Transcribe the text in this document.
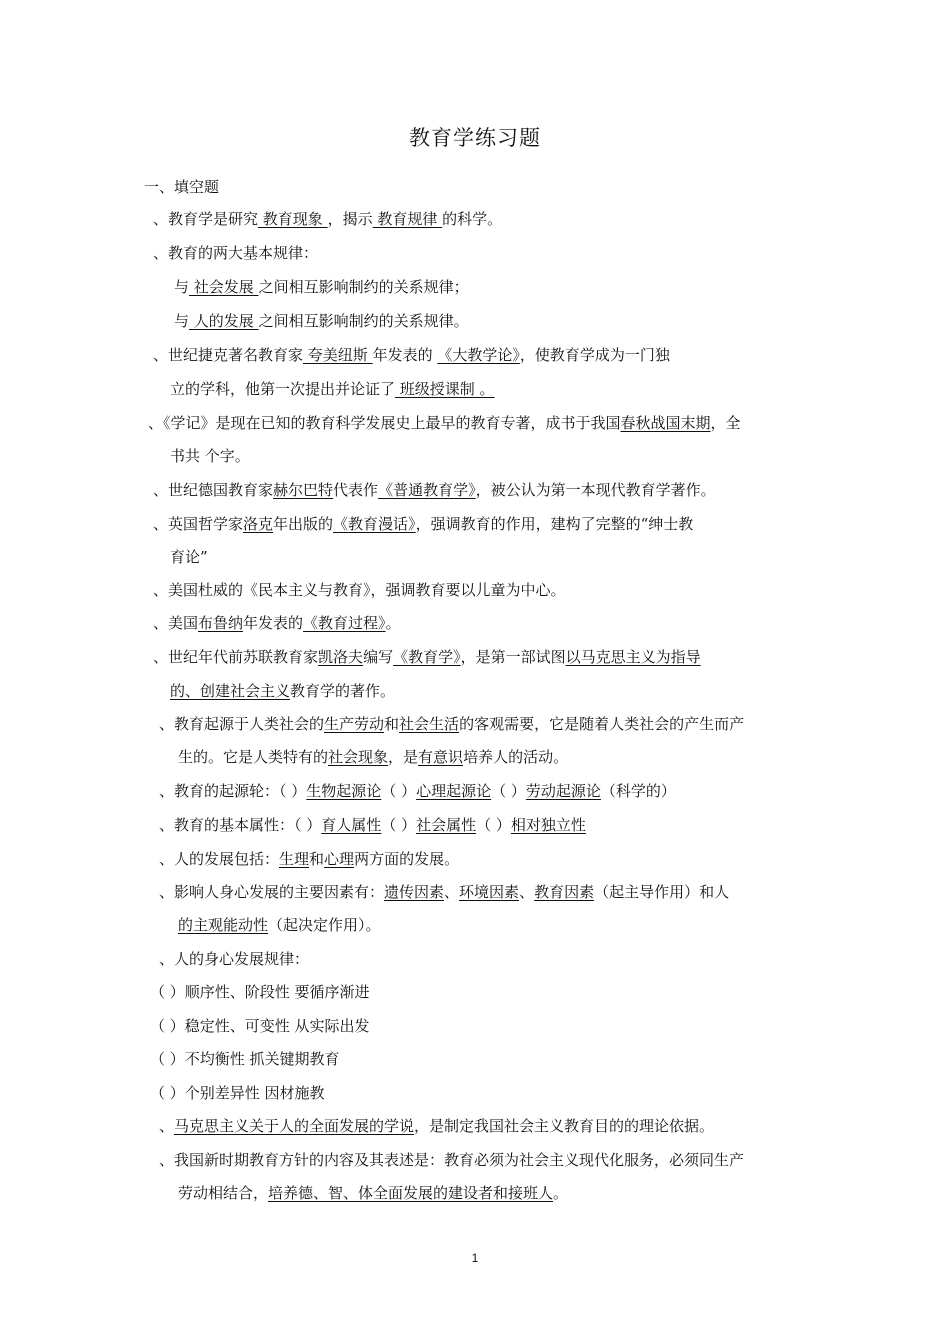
教育学练习题
一、填空题
、教育学是研究 教育现象 ，揭示 教育规律 的科学。
、教育的两大基本规律：
与 社会发展 之间相互影响制约的关系规律；
与 人的发展 之间相互影响制约的关系规律。
、世纪捷克著名教育家 夸美纽斯 年发表的 《大教学论》，使教育学成为一门独
立的学科，他第一次提出并论证了 班级授课制 。
、《学记》是现在已知的教育科学发展史上最早的教育专著，成书于我国春秋战国末期，全
书共 个字。
、世纪德国教育家赫尔巴特代表作《普通教育学》，被公认为第一本现代教育学著作。
、英国哲学家洛克年出版的《教育漫话》，强调教育的作用，建构了完整的“绅士教
育论”
、美国杜威的《民本主义与教育》，强调教育要以儿童为中心。
、美国布鲁纳年发表的《教育过程》。
、世纪年代前苏联教育家凯洛夫编写《教育学》，是第一部试图以马克思主义为指导
的、创建社会主义教育学的著作。
、教育起源于人类社会的生产劳动和社会生活的客观需要，它是随着人类社会的产生而产
生的。它是人类特有的社会现象，是有意识培养人的活动。
、教育的起源轮：（ ）生物起源论（ ）心理起源论（ ）劳动起源论（科学的）
、教育的基本属性：（ ）育人属性（ ）社会属性（ ）相对独立性
、人的发展包括：生理和心理两方面的发展。
、影响人身心发展的主要因素有：遗传因素、环境因素、教育因素（起主导作用）和人
的主观能动性（起决定作用）。
、人的身心发展规律：
（ ）顺序性、阶段性 要循序渐进
（ ）稳定性、可变性 从实际出发
（ ）不均衡性 抓关键期教育
（ ）个别差异性 因材施教
、马克思主义关于人的全面发展的学说，是制定我国社会主义教育目的的理论依据。
、我国新时期教育方针的内容及其表述是：教育必须为社会主义现代化服务，必须同生产
劳动相结合，培养德、智、体全面发展的建设者和接班人。
1
